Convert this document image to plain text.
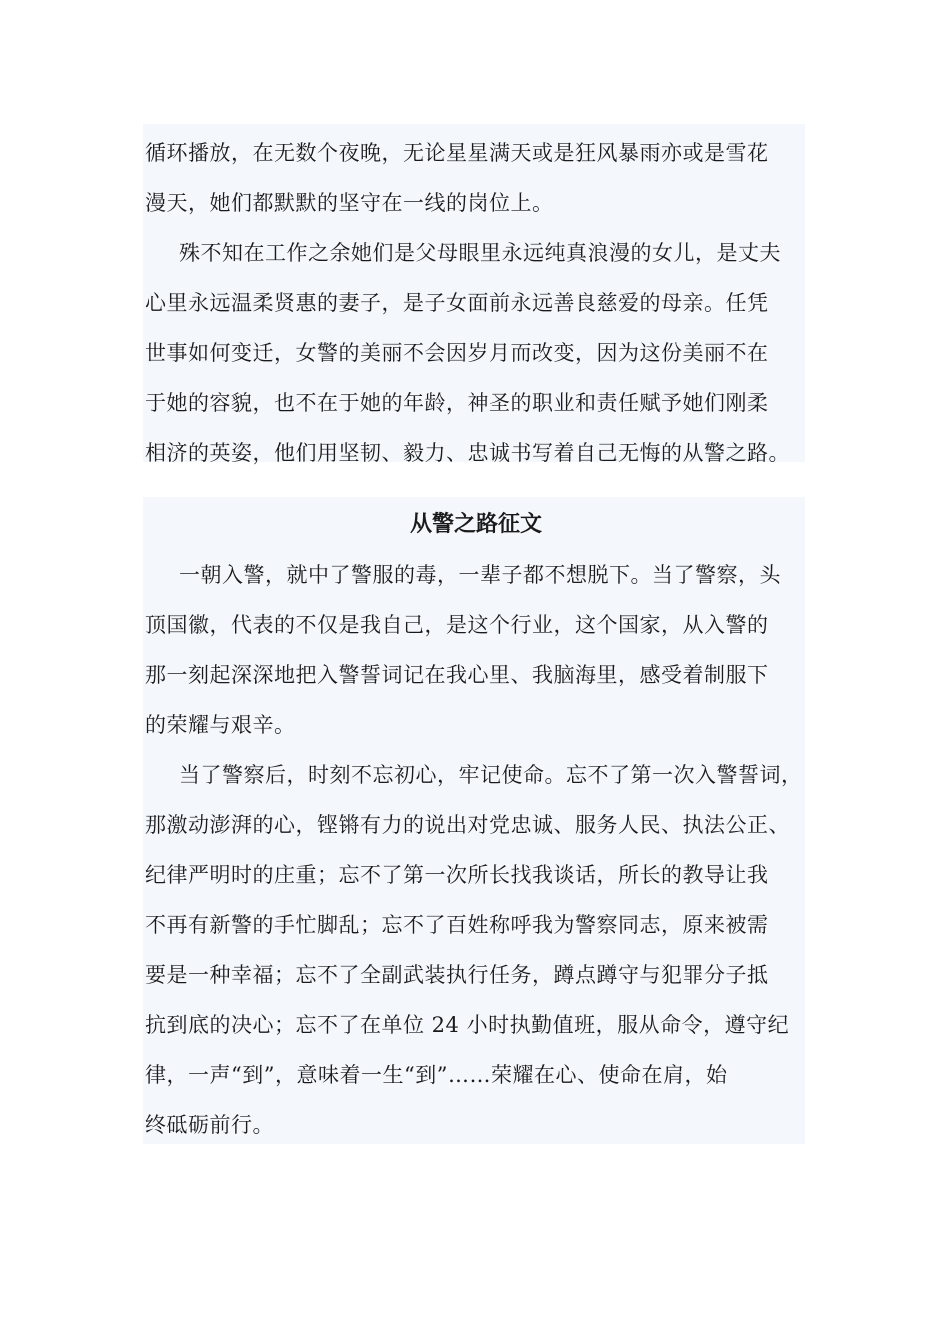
循环播放，在无数个夜晚，无论星星满天或是狂风暴雨亦或是雪花
漫天，她们都默默的坚守在一线的岗位上。

殊不知在工作之余她们是父母眼里永远纯真浪漫的女儿，是丈夫
心里永远温柔贤惠的妻子，是子女面前永远善良慈爱的母亲。任凭
世事如何变迁，女警的美丽不会因岁月而改变，因为这份美丽不在
于她的容貌，也不在于她的年龄，神圣的职业和责任赋予她们刚柔
相济的英姿，他们用坚韧、毅力、忠诚书写着自己无悔的从警之路。

从警之路征文

一朝入警，就中了警服的毒，一辈子都不想脱下。当了警察，头
顶国徽，代表的不仅是我自己，是这个行业，这个国家，从入警的
那一刻起深深地把入警誓词记在我心里、我脑海里，感受着制服下
的荣耀与艰辛。

当了警察后，时刻不忘初心，牢记使命。忘不了第一次入警誓词，
那激动澎湃的心，铿锵有力的说出对党忠诚、服务人民、执法公正、
纪律严明时的庄重；忘不了第一次所长找我谈话，所长的教导让我
不再有新警的手忙脚乱；忘不了百姓称呼我为警察同志，原来被需
要是一种幸福；忘不了全副武装执行任务，蹲点蹲守与犯罪分子抵
抗到底的决心；忘不了在单位 24 小时执勤值班，服从命令，遵守纪
律，一声“到”，意味着一生“到”……荣耀在心、使命在肩，始
终砥砺前行。
